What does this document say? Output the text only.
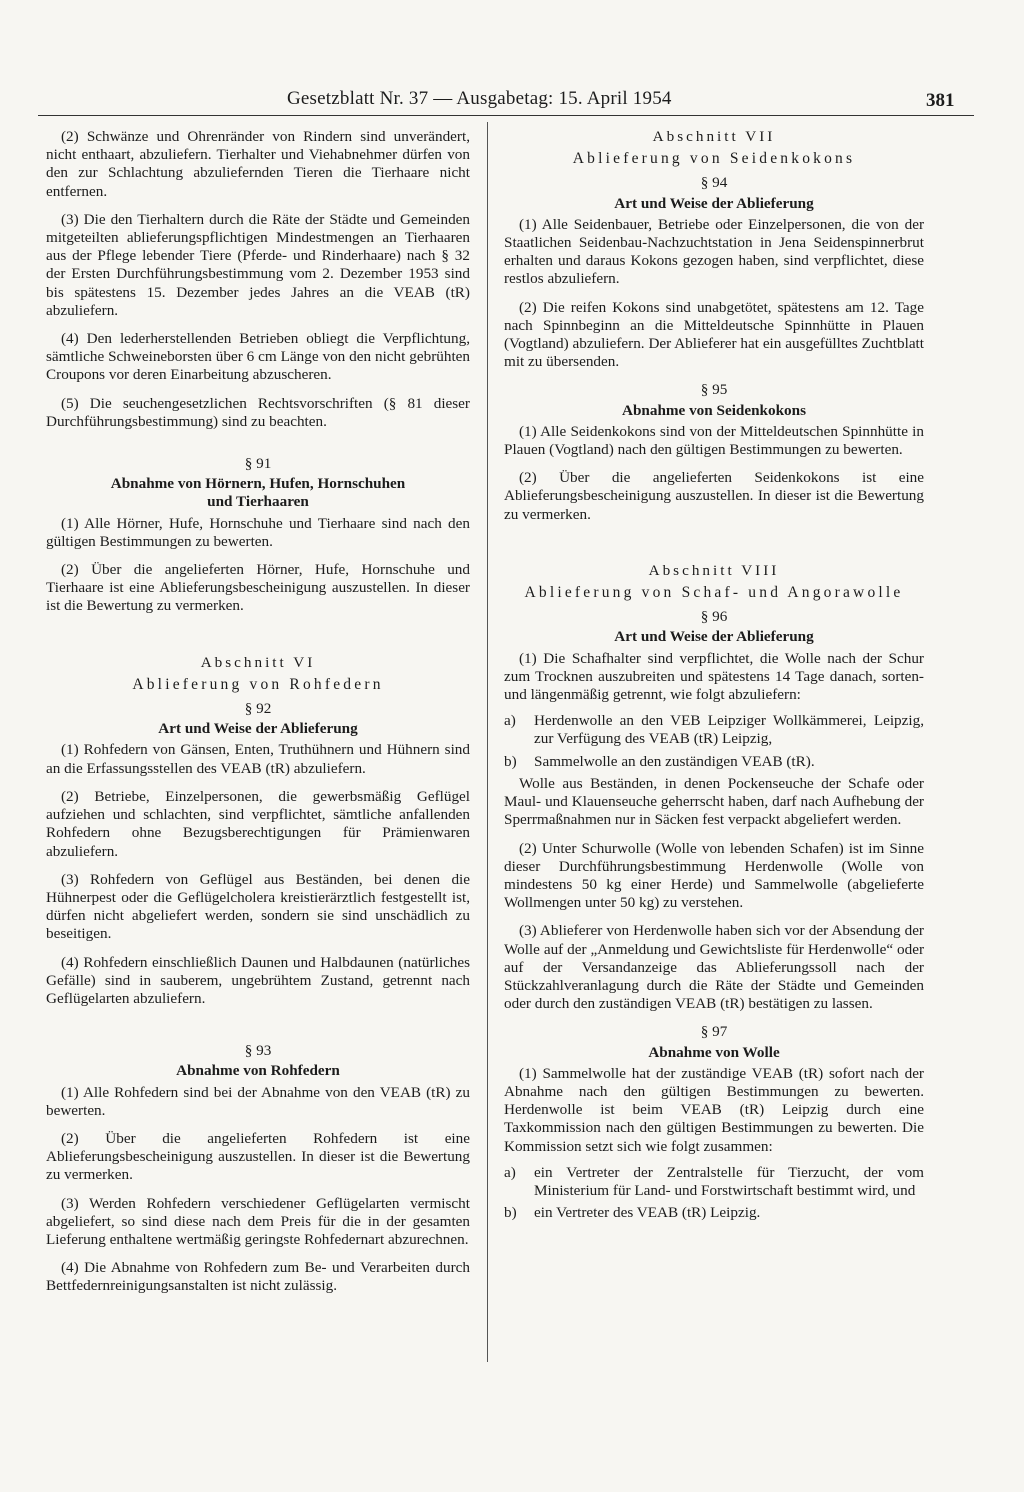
Gesetzblatt Nr. 37 — Ausgabetag: 15. April 1954	381

(2) Schwänze und Ohrenränder von Rindern sind unverändert, nicht enthaart, abzuliefern. Tierhalter und Viehabnehmer dürfen von den zur Schlachtung abzuliefernden Tieren die Tierhaare nicht entfernen.

(3) Die den Tierhaltern durch die Räte der Städte und Gemeinden mitgeteilten ablieferungspflichtigen Mindestmengen an Tierhaaren aus der Pflege lebender Tiere (Pferde- und Rinderhaare) nach § 32 der Ersten Durchführungsbestimmung vom 2. Dezember 1953 sind bis spätestens 15. Dezember jedes Jahres an die VEAB (tR) abzuliefern.

(4) Den lederherstellenden Betrieben obliegt die Verpflichtung, sämtliche Schweineborsten über 6 cm Länge von den nicht gebrühten Croupons vor deren Einarbeitung abzuscheren.

(5) Die seuchengesetzlichen Rechtsvorschriften (§ 81 dieser Durchführungsbestimmung) sind zu beachten.

§ 91
Abnahme von Hörnern, Hufen, Hornschuhen
und Tierhaaren

(1) Alle Hörner, Hufe, Hornschuhe und Tierhaare sind nach den gültigen Bestimmungen zu bewerten.

(2) Über die angelieferten Hörner, Hufe, Hornschuhe und Tierhaare ist eine Ablieferungsbescheinigung auszustellen. In dieser ist die Bewertung zu vermerken.

Abschnitt VI
Ablieferung von Rohfedern
§ 92
Art und Weise der Ablieferung

(1) Rohfedern von Gänsen, Enten, Truthühnern und Hühnern sind an die Erfassungsstellen des VEAB (tR) abzuliefern.

(2) Betriebe, Einzelpersonen, die gewerbsmäßig Geflügel aufziehen und schlachten, sind verpflichtet, sämtliche anfallenden Rohfedern ohne Bezugsberechtigungen für Prämienwaren abzuliefern.

(3) Rohfedern von Geflügel aus Beständen, bei denen die Hühnerpest oder die Geflügelcholera kreistierärztlich festgestellt ist, dürfen nicht abgeliefert werden, sondern sie sind unschädlich zu beseitigen.

(4) Rohfedern einschließlich Daunen und Halbdaunen (natürliches Gefälle) sind in sauberem, ungebrühtem Zustand, getrennt nach Geflügelarten abzuliefern.

§ 93
Abnahme von Rohfedern

(1) Alle Rohfedern sind bei der Abnahme von den VEAB (tR) zu bewerten.

(2) Über die angelieferten Rohfedern ist eine Ablieferungsbescheinigung auszustellen. In dieser ist die Bewertung zu vermerken.

(3) Werden Rohfedern verschiedener Geflügelarten vermischt abgeliefert, so sind diese nach dem Preis für die in der gesamten Lieferung enthaltene wertmäßig geringste Rohfedernart abzurechnen.

(4) Die Abnahme von Rohfedern zum Be- und Verarbeiten durch Bettfedernreinigungsanstalten ist nicht zulässig.

Abschnitt VII
Ablieferung von Seidenkokons
§ 94
Art und Weise der Ablieferung

(1) Alle Seidenbauer, Betriebe oder Einzelpersonen, die von der Staatlichen Seidenbau-Nachzuchtstation in Jena Seidenspinnerbrut erhalten und daraus Kokons gezogen haben, sind verpflichtet, diese restlos abzuliefern.

(2) Die reifen Kokons sind unabgetötet, spätestens am 12. Tage nach Spinnbeginn an die Mitteldeutsche Spinnhütte in Plauen (Vogtland) abzuliefern. Der Ablieferer hat ein ausgefülltes Zuchtblatt mit zu übersenden.

§ 95
Abnahme von Seidenkokons

(1) Alle Seidenkokons sind von der Mitteldeutschen Spinnhütte in Plauen (Vogtland) nach den gültigen Bestimmungen zu bewerten.

(2) Über die angelieferten Seidenkokons ist eine Ablieferungsbescheinigung auszustellen. In dieser ist die Bewertung zu vermerken.

Abschnitt VIII
Ablieferung von Schaf- und Angorawolle
§ 96
Art und Weise der Ablieferung

(1) Die Schafhalter sind verpflichtet, die Wolle nach der Schur zum Trocknen auszubreiten und spätestens 14 Tage danach, sorten- und längenmäßig getrennt, wie folgt abzuliefern:

a) Herdenwolle an den VEB Leipziger Wollkämmerei, Leipzig, zur Verfügung des VEAB (tR) Leipzig,
b) Sammelwolle an den zuständigen VEAB (tR).

Wolle aus Beständen, in denen Pockenseuche der Schafe oder Maul- und Klauenseuche geherrscht haben, darf nach Aufhebung der Sperrmaßnahmen nur in Säcken fest verpackt abgeliefert werden.

(2) Unter Schurwolle (Wolle von lebenden Schafen) ist im Sinne dieser Durchführungsbestimmung Herdenwolle (Wolle von mindestens 50 kg einer Herde) und Sammelwolle (abgelieferte Wollmengen unter 50 kg) zu verstehen.

(3) Ablieferer von Herdenwolle haben sich vor der Absendung der Wolle auf der „Anmeldung und Gewichtsliste für Herdenwolle“ oder auf der Versandanzeige das Ablieferungssoll nach der Stückzahlveranlagung durch die Räte der Städte und Gemeinden oder durch den zuständigen VEAB (tR) bestätigen zu lassen.

§ 97
Abnahme von Wolle

(1) Sammelwolle hat der zuständige VEAB (tR) sofort nach der Abnahme nach den gültigen Bestimmungen zu bewerten. Herdenwolle ist beim VEAB (tR) Leipzig durch eine Taxkommission nach den gültigen Bestimmungen zu bewerten. Die Kommission setzt sich wie folgt zusammen:

a) ein Vertreter der Zentralstelle für Tierzucht, der vom Ministerium für Land- und Forstwirtschaft bestimmt wird, und
b) ein Vertreter des VEAB (tR) Leipzig.
